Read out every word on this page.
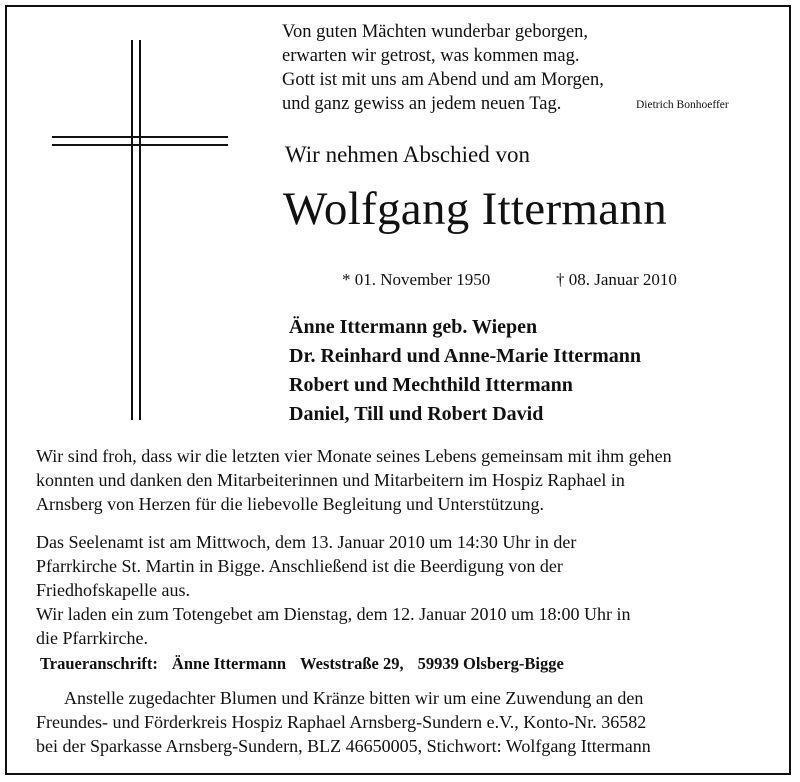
Von guten Mächten wunderbar geborgen,
erwarten wir getrost, was kommen mag.
Gott ist mit uns am Abend und am Morgen,
und ganz gewiss an jedem neuen Tag.	Dietrich Bonhoeffer
Wir nehmen Abschied von
Wolfgang Ittermann
* 01. November 1950	† 08. Januar 2010
Änne Ittermann geb. Wiepen
Dr. Reinhard und Anne-Marie Ittermann
Robert und Mechthild Ittermann
Daniel, Till und Robert David
Wir sind froh, dass wir die letzten vier Monate seines Lebens gemeinsam mit ihm gehen
konnten und danken den Mitarbeiterinnen und Mitarbeitern im Hospiz Raphael in
Arnsberg von Herzen für die liebevolle Begleitung und Unterstützung.
Das Seelenamt ist am Mittwoch, dem 13. Januar 2010 um 14:30 Uhr in der
Pfarrkirche St. Martin in Bigge. Anschließend ist die Beerdigung von der
Friedhofskapelle aus.
Wir laden ein zum Totengebet am Dienstag, dem 12. Januar 2010 um 18:00 Uhr in
die Pfarrkirche.
Traueranschrift: Änne Ittermann Weststraße 29, 59939 Olsberg-Bigge
Anstelle zugedachter Blumen und Kränze bitten wir um eine Zuwendung an den
Freundes- und Förderkreis Hospiz Raphael Arnsberg-Sundern e.V., Konto-Nr. 36582
bei der Sparkasse Arnsberg-Sundern, BLZ 46650005, Stichwort: Wolfgang Ittermann
